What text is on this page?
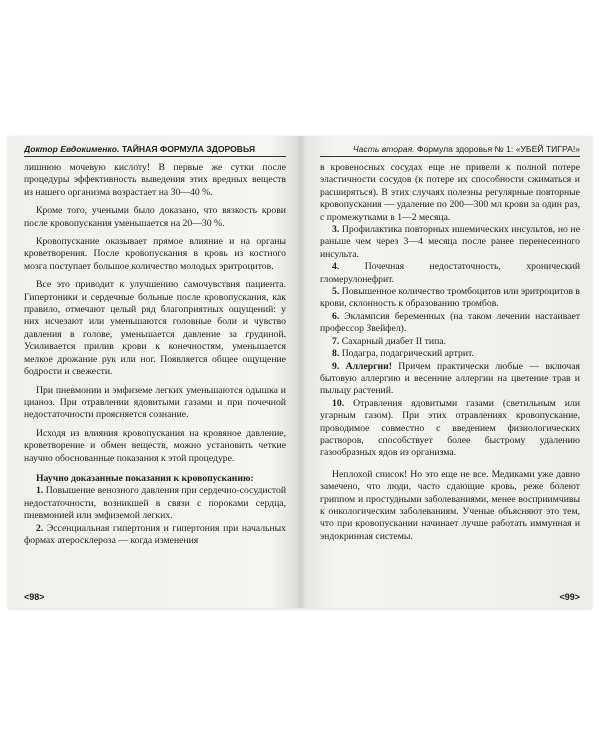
Доктор Евдокименко. ТАЙНАЯ ФОРМУЛА ЗДОРОВЬЯ

лишнюю мочевую кислоту! В первые же сутки после процедуры эффективность выведения этих вредных веществ из нашего организма возрастает на 30—40 %.

Кроме того, учеными было доказано, что вязкость крови после кровопускания уменьшается на 20—30 %.

Кровопускание оказывает прямое влияние и на органы кроветворения. После кровопускания в кровь из костного мозга поступает большое количество молодых эритроцитов.

Все это приводит к улучшению самочувствия пациента. Гипертоники и сердечные больные после кровопускания, как правило, отмечают целый ряд благоприятных ощущений: у них исчезают или уменьшаются головные боли и чувство давления в голове, уменьшается давление за грудиной. Усиливается прилив крови к конечностям, уменьшается мелкое дрожание рук или ног. Появляется общее ощущение бодрости и свежести.

При пневмонии и эмфиземе легких уменьшаются одышка и цианоз. При отравлении ядовитыми газами и при почечной недостаточности проясняется сознание.

Исходя из влияния кровопускания на кровяное давление, кроветворение и обмен веществ, можно установить четкие научно обоснованные показания к этой процедуре.

Научно доказанные показания к кровопусканию:

1. Повышение венозного давления при сердечно-сосудистой недостаточности, возникшей в связи с пороками сердца, пневмонией или эмфиземой легких.

2. Эссенциальная гипертония и гипертония при начальных формах атеросклероза — когда изменения

<98>
Часть вторая. Формула здоровья № 1: «УБЕЙ ТИГРА!»

в кровеносных сосудах еще не привели к полной потере эластичности сосудов (к потере их способности сжиматься и расширяться). В этих случаях полезны регулярные повторные кровопускания — удаление по 200—300 мл крови за один раз, с промежутками в 1—2 месяца.

3. Профилактика повторных ишемических инсультов, но не раньше чем через 3—4 месяца после ранее перенесенного инсульта.

4.	Почечная недостаточность, хронический гломерулонефрит.

5. Повышенное количество тромбоцитов или эритроцитов в крови, склонность к образованию тромбов.

6. Эклампсия беременных (на таком лечении настаивает профессор Звейфел).

7. Сахарный диабет II типа.

8. Подагра, подагрический артрит.

9. Аллергии! Причем практически любые — включая бытовую аллергию и весенние аллергии на цветение трав и пыльцу растений.

10. Отравления ядовитыми газами (светильным или угарным газом). При этих отравлениях кровопускание, проводимое совместно с введением физиологических растворов, способствует более быстрому удалению газообразных ядов из организма.

Неплохой список! Но это еще не все. Медиками уже давно замечено, что люди, часто сдающие кровь, реже болеют гриппом и простудными заболеваниями, менее восприимчивы к онкологическим заболеваниям. Ученые объясняют это тем, что при кровопускании начинает лучше работать иммунная и эндокринная системы.

<99>
